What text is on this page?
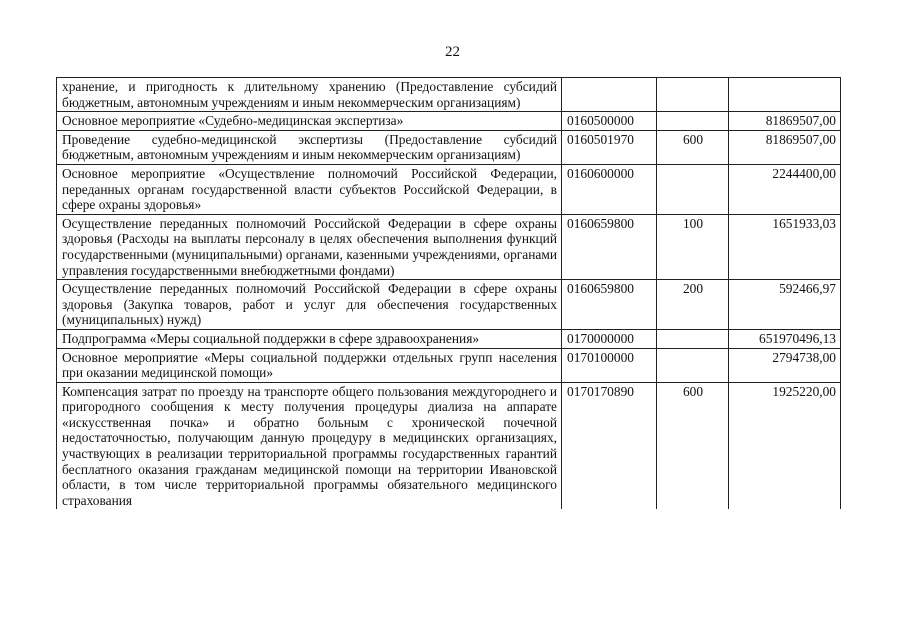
22
хранение, и пригодность к длительному хранению (Предоставление субсидий бюджетным, автономным учреждениям и иным некоммерческим организациям)			
Основное мероприятие «Судебно-медицинская экспертиза»	0160500000		81869507,00
Проведение судебно-медицинской экспертизы (Предоставление субсидий бюджетным, автономным учреждениям и иным некоммерческим организациям)	0160501970	600	81869507,00
Основное мероприятие «Осуществление полномочий Российской Федерации, переданных органам государственной власти субъектов Российской Федерации, в сфере охраны здоровья»	0160600000		2244400,00
Осуществление переданных полномочий Российской Федерации в сфере охраны здоровья (Расходы на выплаты персоналу в целях обеспечения выполнения функций государственными (муниципальными) органами, казенными учреждениями, органами управления государственными внебюджетными фондами)	0160659800	100	1651933,03
Осуществление переданных полномочий Российской Федерации в сфере охраны здоровья (Закупка товаров, работ и услуг для обеспечения государственных (муниципальных) нужд)	0160659800	200	592466,97
Подпрограмма «Меры социальной поддержки в сфере здравоохранения»	0170000000		651970496,13
Основное мероприятие «Меры социальной поддержки отдельных групп населения при оказании медицинской помощи»	0170100000		2794738,00
Компенсация затрат по проезду на транспорте общего пользования междугороднего и пригородного сообщения к месту получения процедуры диализа на аппарате «искусственная почка» и обратно больным с хронической почечной недостаточностью, получающим данную процедуру в медицинских организациях, участвующих в реализации территориальной программы государственных гарантий бесплатного оказания гражданам медицинской помощи на территории Ивановской области, в том числе территориальной программы обязательного медицинского страхования	0170170890	600	1925220,00
